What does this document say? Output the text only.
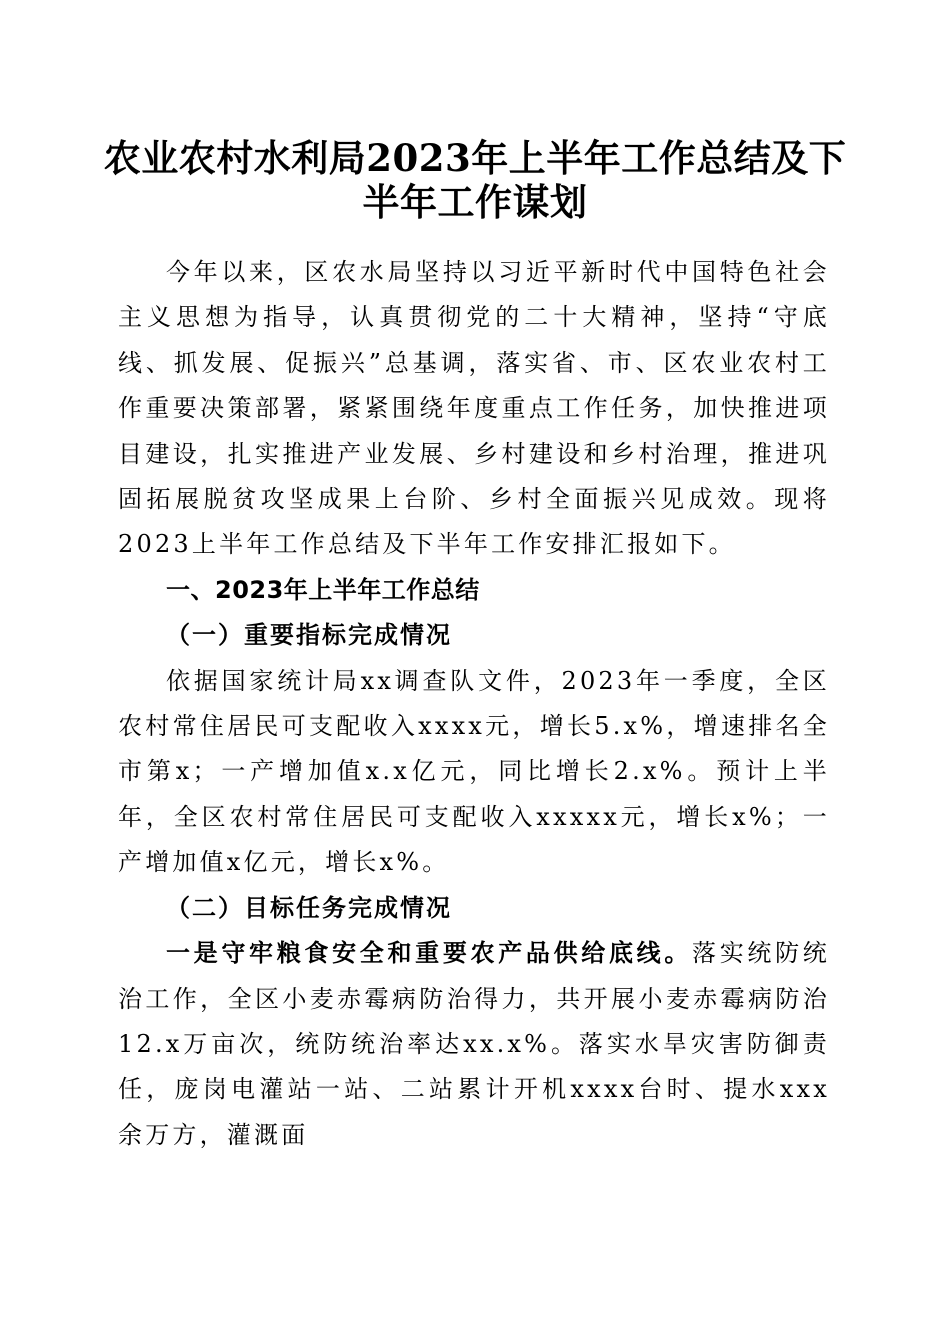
农业农村水利局2023年上半年工作总结及下
半年工作谋划

今年以来，区农水局坚持以习近平新时代中国特色社会主义思想为指导，认真贯彻党的二十大精神，坚持“守底线、抓发展、促振兴”总基调，落实省、市、区农业农村工作重要决策部署，紧紧围绕年度重点工作任务，加快推进项目建设，扎实推进产业发展、乡村建设和乡村治理，推进巩固拓展脱贫攻坚成果上台阶、乡村全面振兴见成效。现将2023上半年工作总结及下半年工作安排汇报如下。

一、2023年上半年工作总结

（一）重要指标完成情况

依据国家统计局xx调查队文件，2023年一季度，全区农村常住居民可支配收入xxxx元，增长5.x%，增速排名全市第x；一产增加值x.x亿元，同比增长2.x%。预计上半年，全区农村常住居民可支配收入xxxxx元，增长x%；一产增加值x亿元，增长x%。

（二）目标任务完成情况

一是守牢粮食安全和重要农产品供给底线。落实统防统治工作，全区小麦赤霉病防治得力，共开展小麦赤霉病防治12.x万亩次，统防统治率达xx.x%。落实水旱灾害防御责任，庞岗电灌站一站、二站累计开机xxxx台时、提水xxx余万方，灌溉面
